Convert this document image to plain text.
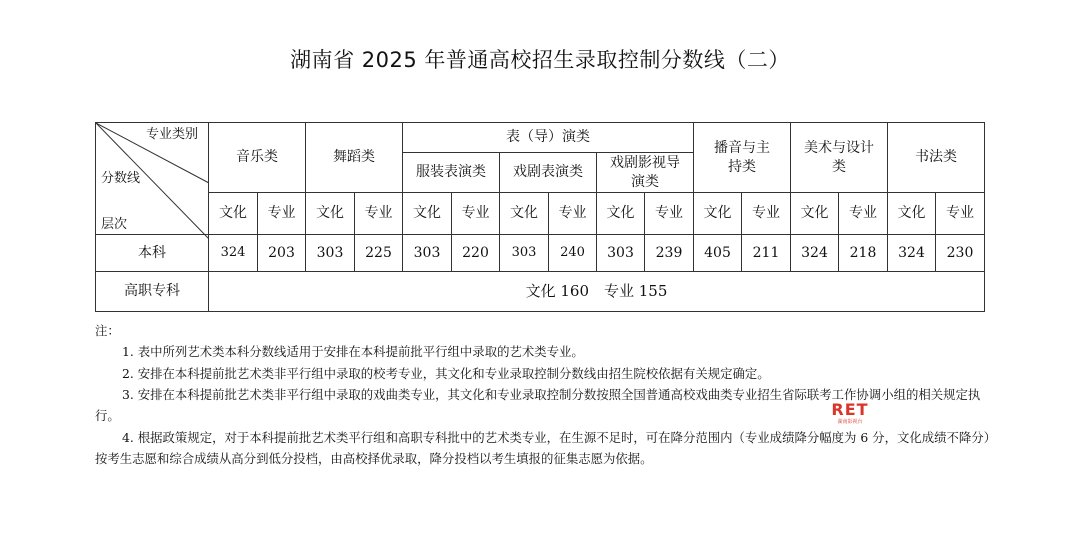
湖南省 2025 年普通高校招生录取控制分数线（二）
专业类别
分数线
层次	音乐类		舞蹈类		表（导）演类						播音与主持类		美术与设计类		书法类	
					服装表演类		戏剧表演类		戏剧影视导演类							

	文化	专业	文化	专业	文化	专业	文化	专业	文化	专业	文化	专业	文化	专业	文化	专业
本科	324	203	303	225	303	220	303	240	303	239	405	211	324	218	324	230
高职专科	文化 160　专业 155															

注：

1. 表中所列艺术类本科分数线适用于安排在本科提前批平行组中录取的艺术类专业。

2. 安排在本科提前批艺术类非平行组中录取的校考专业，其文化和专业录取控制分数线由招生院校依据有关规定确定。

3. 安排在本科提前批艺术类非平行组中录取的戏曲类专业，其文化和专业录取控制分数按照全国普通高校戏曲类专业招生省际联考工作协调小组的相关规定执行。

4. 根据政策规定，对于本科提前批艺术类平行组和高职专科批中的艺术类专业，在生源不足时，可在降分范围内（专业成绩降分幅度为 6 分，文化成绩不降分）按考生志愿和综合成绩从高分到低分投档，由高校择优录取，降分投档以考生填报的征集志愿为依据。

RET
湖南影视台
